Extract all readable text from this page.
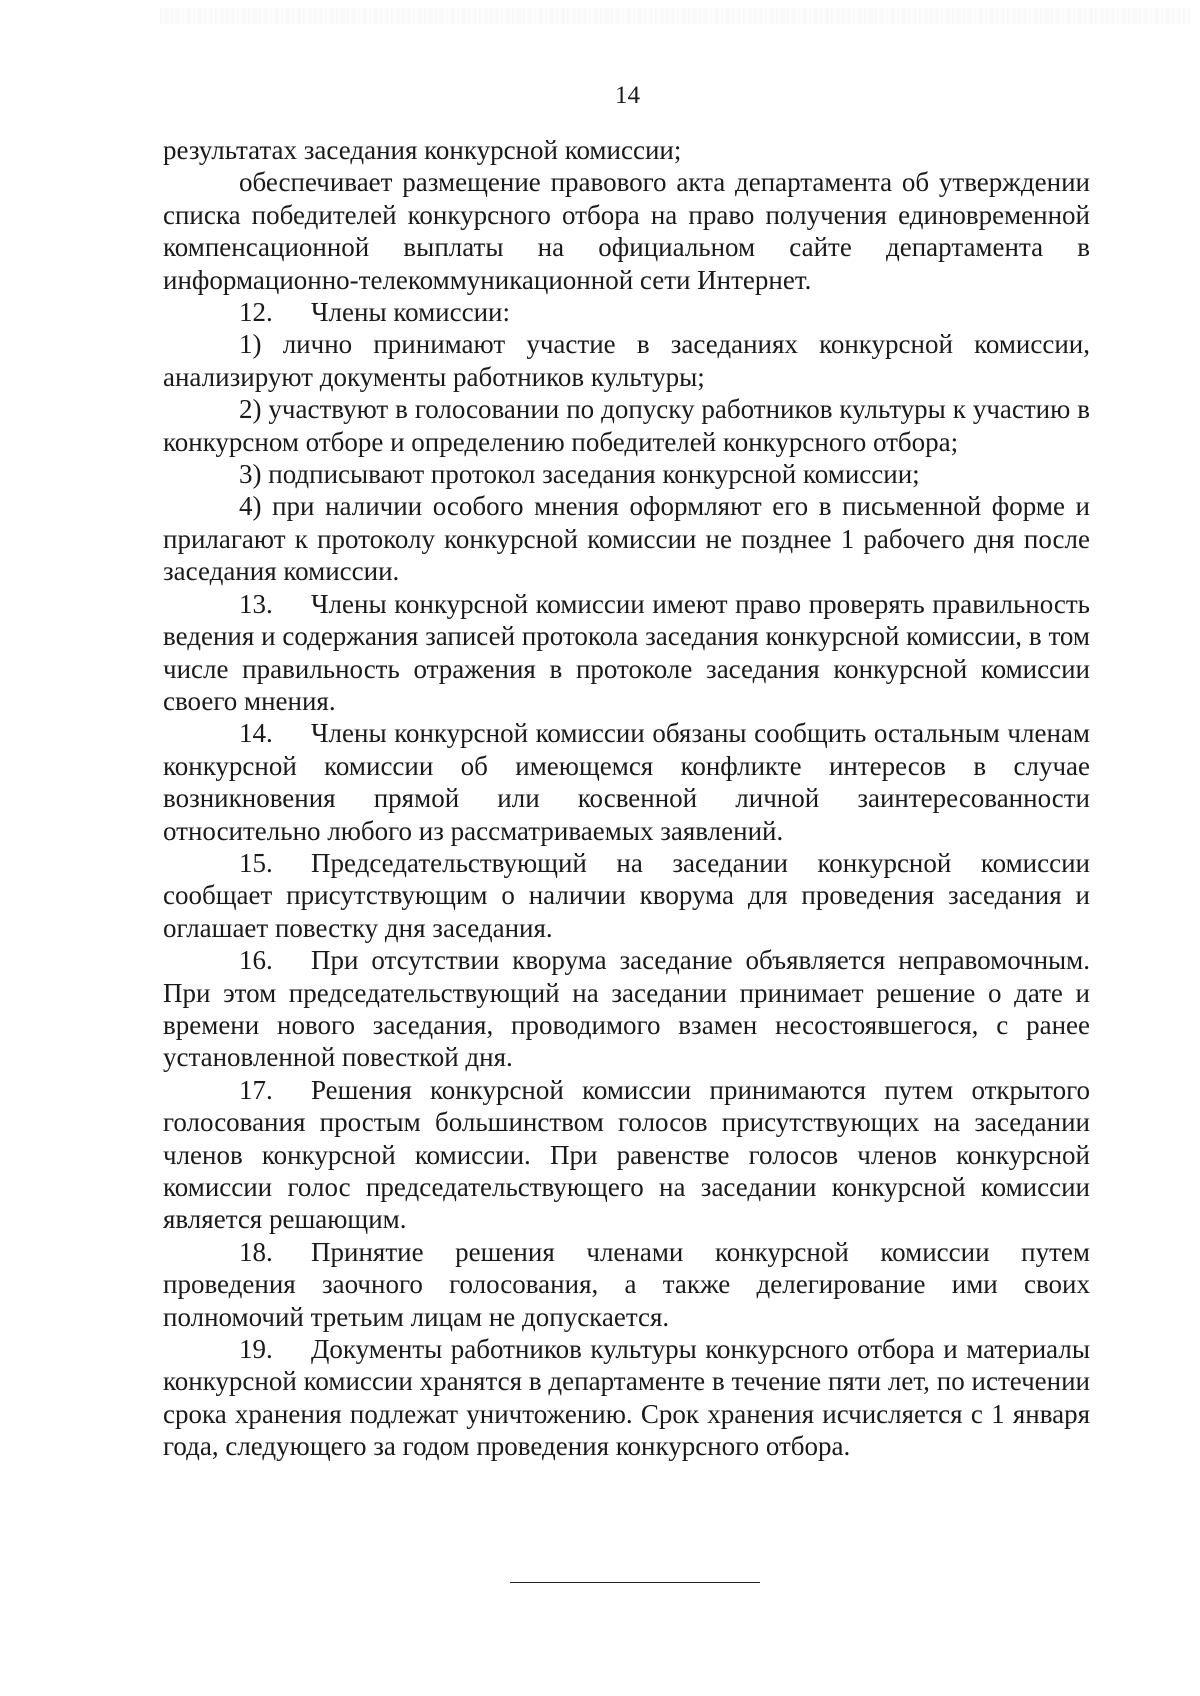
14

результатах заседания конкурсной комиссии;

обеспечивает размещение правового акта департамента об утверждении списка победителей конкурсного отбора на право получения единовременной компенсационной выплаты на официальном сайте департамента в информационно-телекоммуникационной сети Интернет.

12. Члены комиссии:

1) лично принимают участие в заседаниях конкурсной комиссии, анализируют документы работников культуры;

2) участвуют в голосовании по допуску работников культуры к участию в конкурсном отборе и определению победителей конкурсного отбора;

3) подписывают протокол заседания конкурсной комиссии;

4) при наличии особого мнения оформляют его в письменной форме и прилагают к протоколу конкурсной комиссии не позднее 1 рабочего дня после заседания комиссии.

13. Члены конкурсной комиссии имеют право проверять правильность ведения и содержания записей протокола заседания конкурсной комиссии, в том числе правильность отражения в протоколе заседания конкурсной комиссии своего мнения.

14. Члены конкурсной комиссии обязаны сообщить остальным членам конкурсной комиссии об имеющемся конфликте интересов в случае возникновения прямой или косвенной личной заинтересованности относительно любого из рассматриваемых заявлений.

15. Председательствующий на заседании конкурсной комиссии сообщает присутствующим о наличии кворума для проведения заседания и оглашает повестку дня заседания.

16. При отсутствии кворума заседание объявляется неправомочным. При этом председательствующий на заседании принимает решение о дате и времени нового заседания, проводимого взамен несостоявшегося, с ранее установленной повесткой дня.

17. Решения конкурсной комиссии принимаются путем открытого голосования простым большинством голосов присутствующих на заседании членов конкурсной комиссии. При равенстве голосов членов конкурсной комиссии голос председательствующего на заседании конкурсной комиссии является решающим.

18. Принятие решения членами конкурсной комиссии путем проведения заочного голосования, а также делегирование ими своих полномочий третьим лицам не допускается.

19. Документы работников культуры конкурсного отбора и материалы конкурсной комиссии хранятся в департаменте в течение пяти лет, по истечении срока хранения подлежат уничтожению. Срок хранения исчисляется с 1 января года, следующего за годом проведения конкурсного отбора.
